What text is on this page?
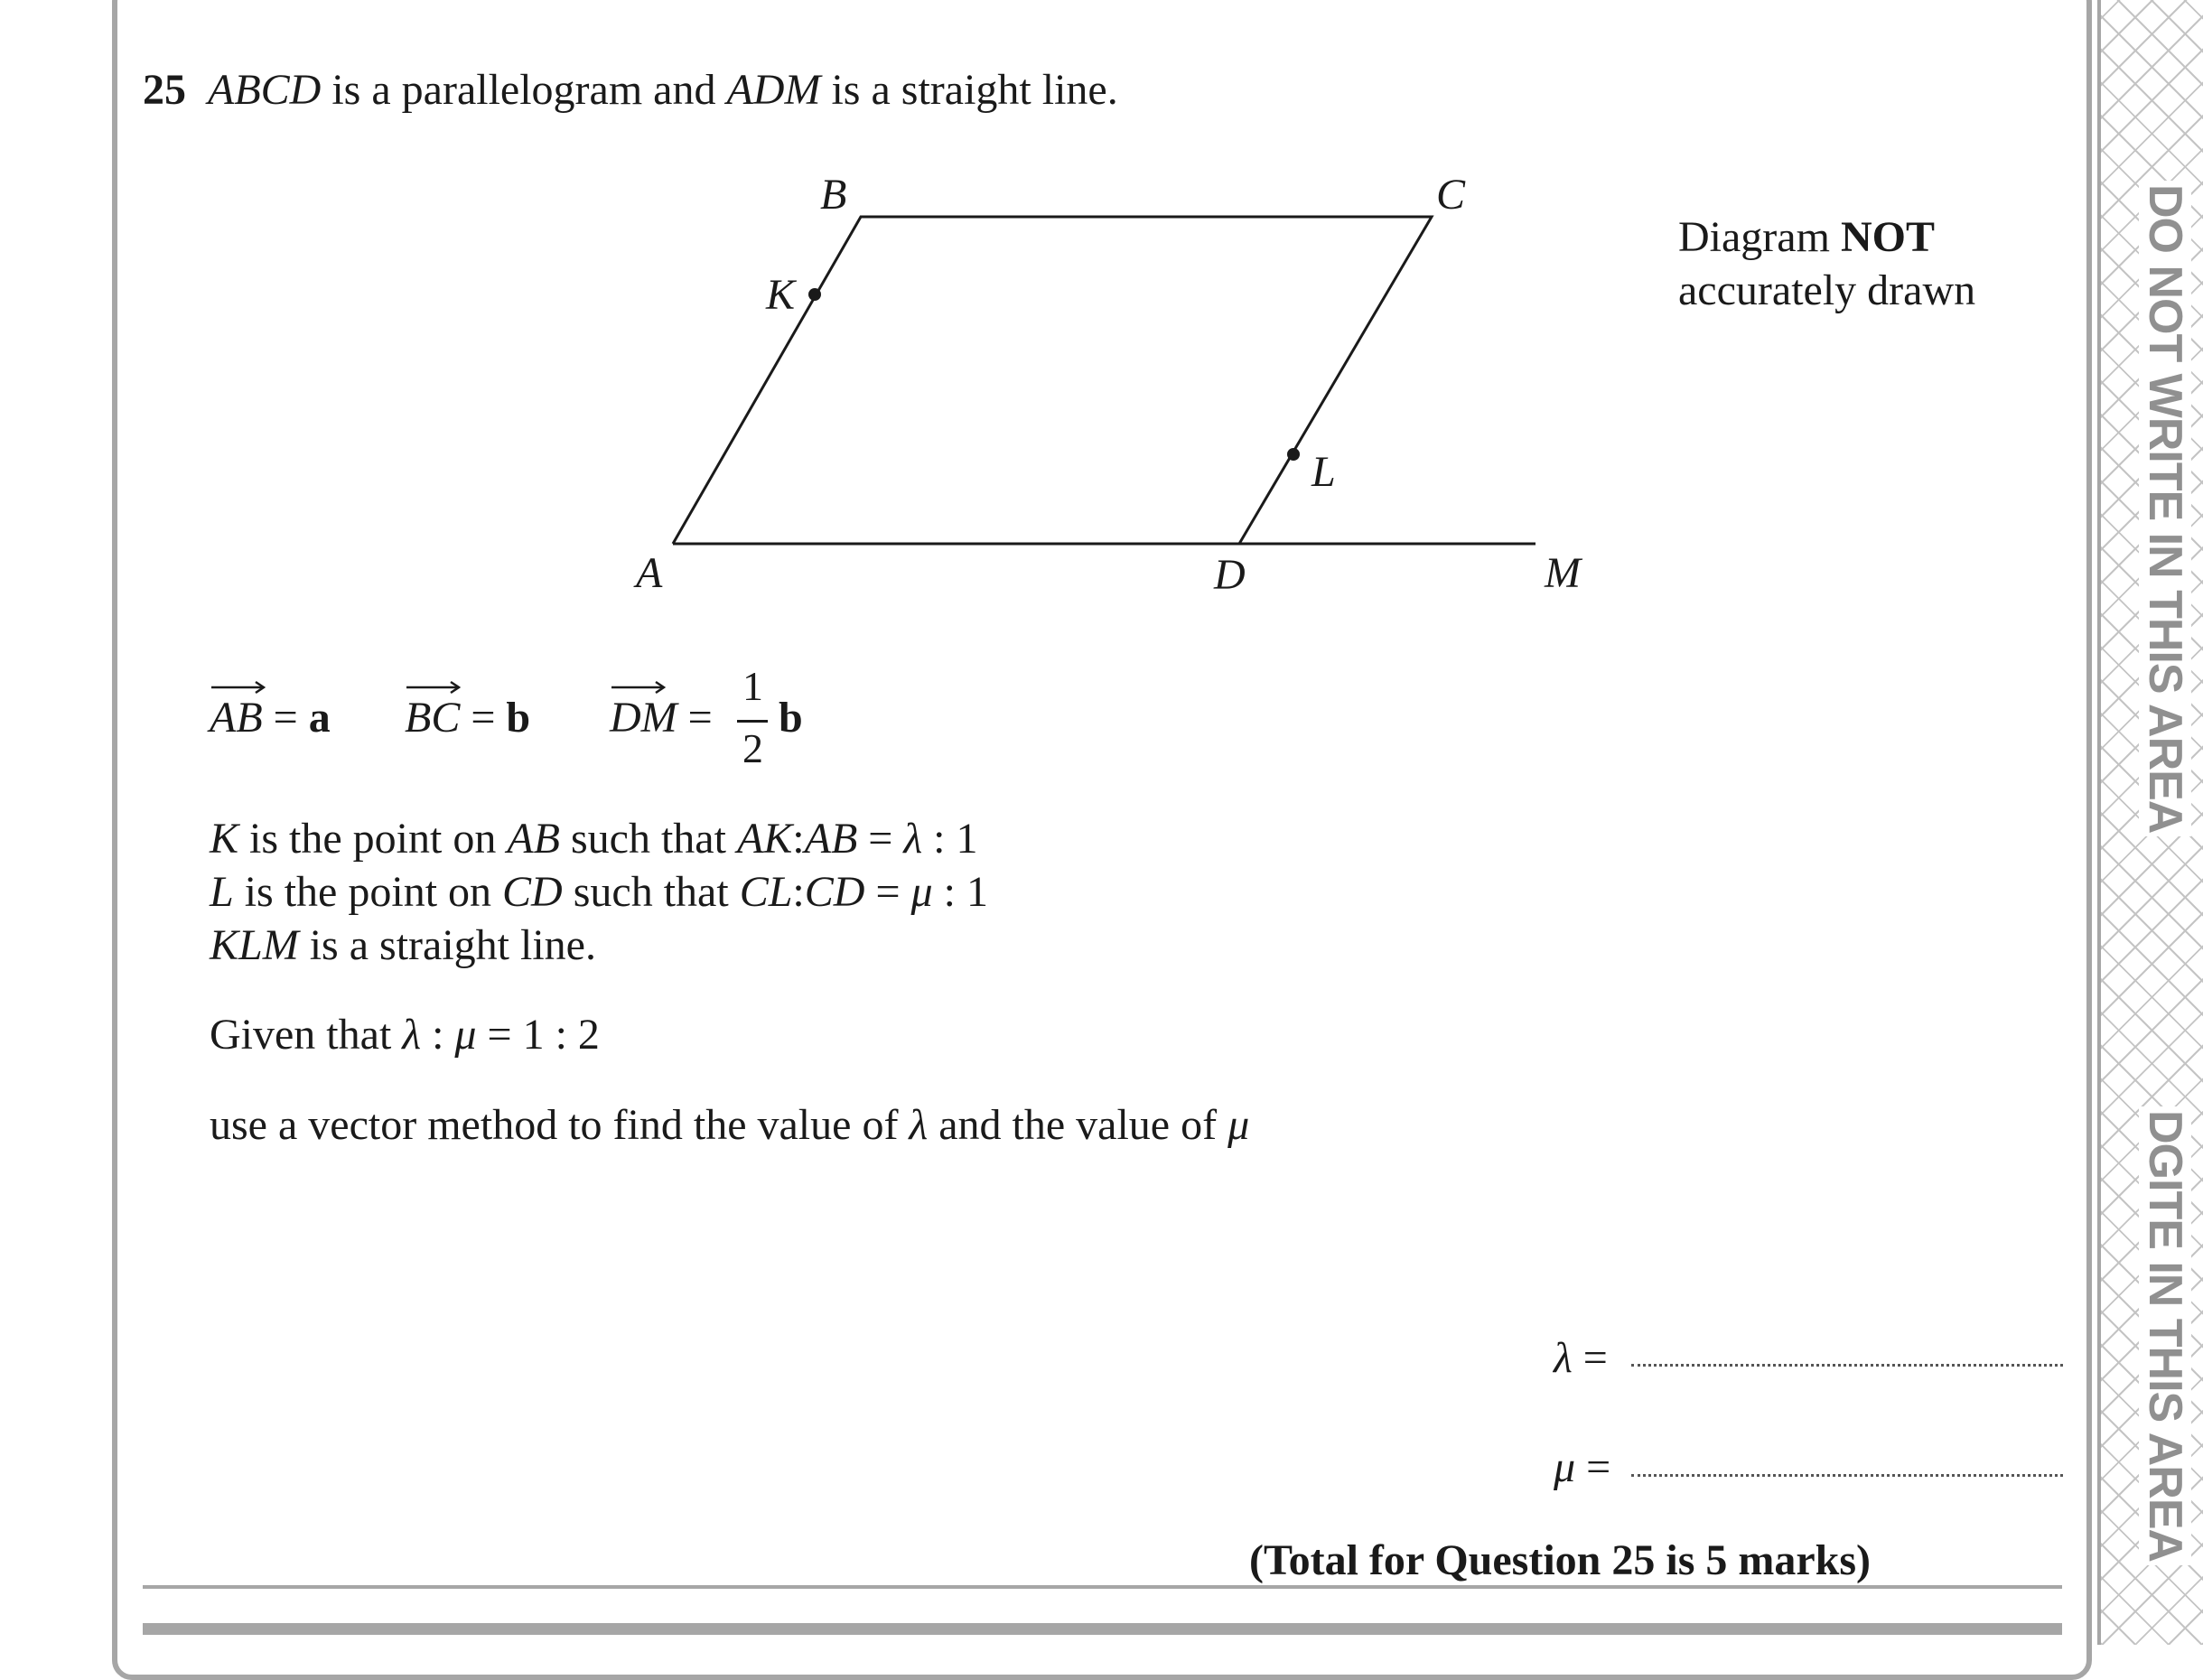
DO NOT WRITE IN THIS AREA
DGITE IN THIS AREA
25 ABCD is a parallelogram and ADM is a straight line.
B	C
K
L
A	D	M
Diagram NOT
accurately drawn
AB = a BC = b DM =
1
2
b
K is the point on AB such that AK:AB = λ : 1
L is the point on CD such that CL:CD = μ : 1
KLM is a straight line.
Given that λ : μ = 1 : 2
use a vector method to find the value of λ and the value of μ
λ =
μ =
(Total for Question 25 is 5 marks)
